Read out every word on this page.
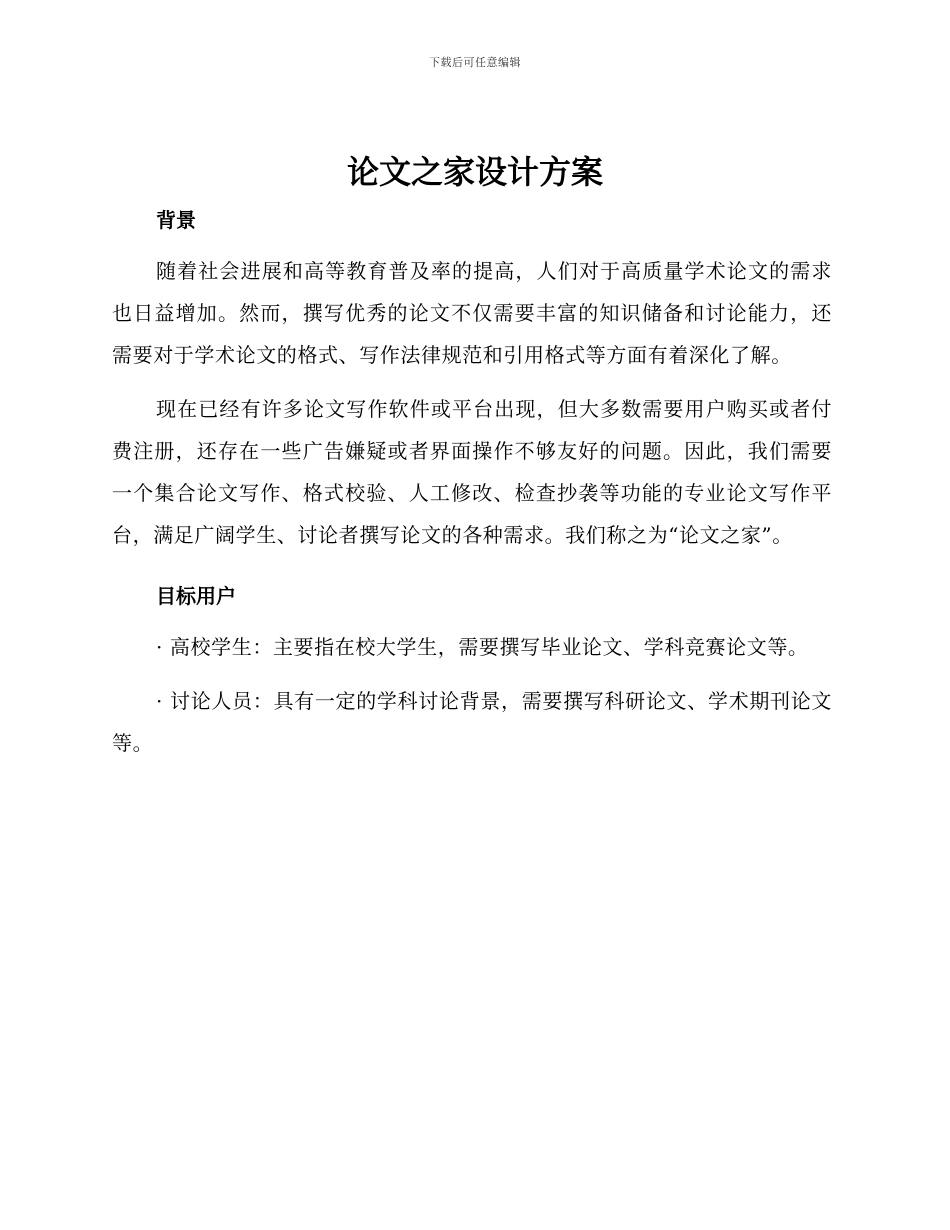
下载后可任意编辑
论文之家设计方案
背景

随着社会进展和高等教育普及率的提高，人们对于高质量学术论文的需求也日益增加。然而，撰写优秀的论文不仅需要丰富的知识储备和讨论能力，还需要对于学术论文的格式、写作法律规范和引用格式等方面有着深化了解。

现在已经有许多论文写作软件或平台出现，但大多数需要用户购买或者付费注册，还存在一些广告嫌疑或者界面操作不够友好的问题。因此，我们需要一个集合论文写作、格式校验、人工修改、检查抄袭等功能的专业论文写作平台，满足广阔学生、讨论者撰写论文的各种需求。我们称之为“论文之家”。

目标用户

· 高校学生：主要指在校大学生，需要撰写毕业论文、学科竞赛论文等。

· 讨论人员：具有一定的学科讨论背景，需要撰写科研论文、学术期刊论文等。
